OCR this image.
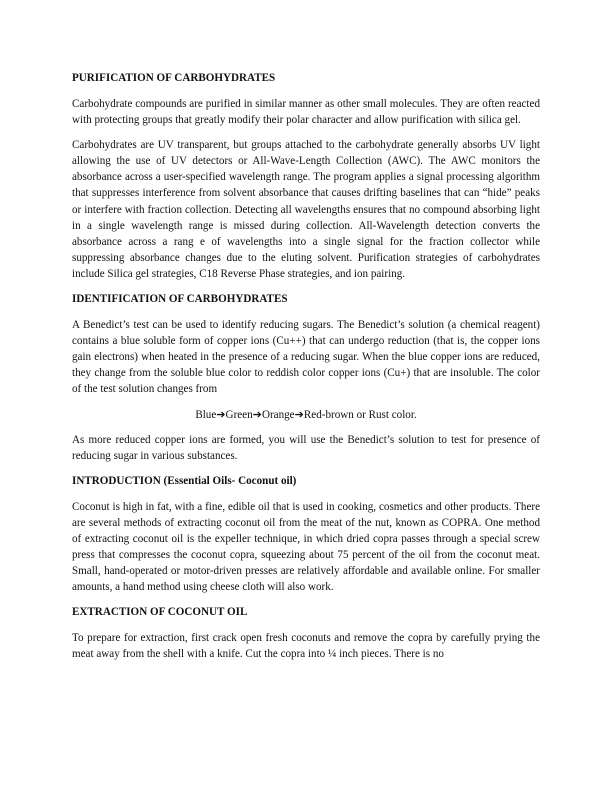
PURIFICATION OF CARBOHYDRATES

Carbohydrate compounds are purified in similar manner as other small molecules. They are often reacted with protecting groups that greatly modify their polar character and allow purification with silica gel.

Carbohydrates are UV transparent, but groups attached to the carbohydrate generally absorbs UV light allowing the use of UV detectors or All-Wave-Length Collection (AWC). The AWC monitors the absorbance across a user-specified wavelength range. The program applies a signal processing algorithm that suppresses interference from solvent absorbance that causes drifting baselines that can “hide” peaks or interfere with fraction collection. Detecting all wavelengths ensures that no compound absorbing light in a single wavelength range is missed during collection. All-Wavelength detection converts the absorbance across a rang e of wavelengths into a single signal for the fraction collector while suppressing absorbance changes due to the eluting solvent. Purification strategies of carbohydrates include Silica gel strategies, C18 Reverse Phase strategies, and ion pairing.

IDENTIFICATION OF CARBOHYDRATES

A Benedict’s test can be used to identify reducing sugars. The Benedict’s solution (a chemical reagent) contains a blue soluble form of copper ions (Cu++) that can undergo reduction (that is, the copper ions gain electrons) when heated in the presence of a reducing sugar. When the blue copper ions are reduced, they change from the soluble blue color to reddish color copper ions (Cu+) that are insoluble. The color of the test solution changes from

Blue➔Green➔Orange➔Red-brown or Rust color.

As more reduced copper ions are formed, you will use the Benedict’s solution to test for presence of reducing sugar in various substances.

INTRODUCTION (Essential Oils- Coconut oil)

Coconut is high in fat, with a fine, edible oil that is used in cooking, cosmetics and other products. There are several methods of extracting coconut oil from the meat of the nut, known as COPRA. One method of extracting coconut oil is the expeller technique, in which dried copra passes through a special screw press that compresses the coconut copra, squeezing about 75 percent of the oil from the coconut meat. Small, hand-operated or motor-driven presses are relatively affordable and available online. For smaller amounts, a hand method using cheese cloth will also work.

EXTRACTION OF COCONUT OIL

To prepare for extraction, first crack open fresh coconuts and remove the copra by carefully prying the meat away from the shell with a knife. Cut the copra into ¼ inch pieces. There is no
